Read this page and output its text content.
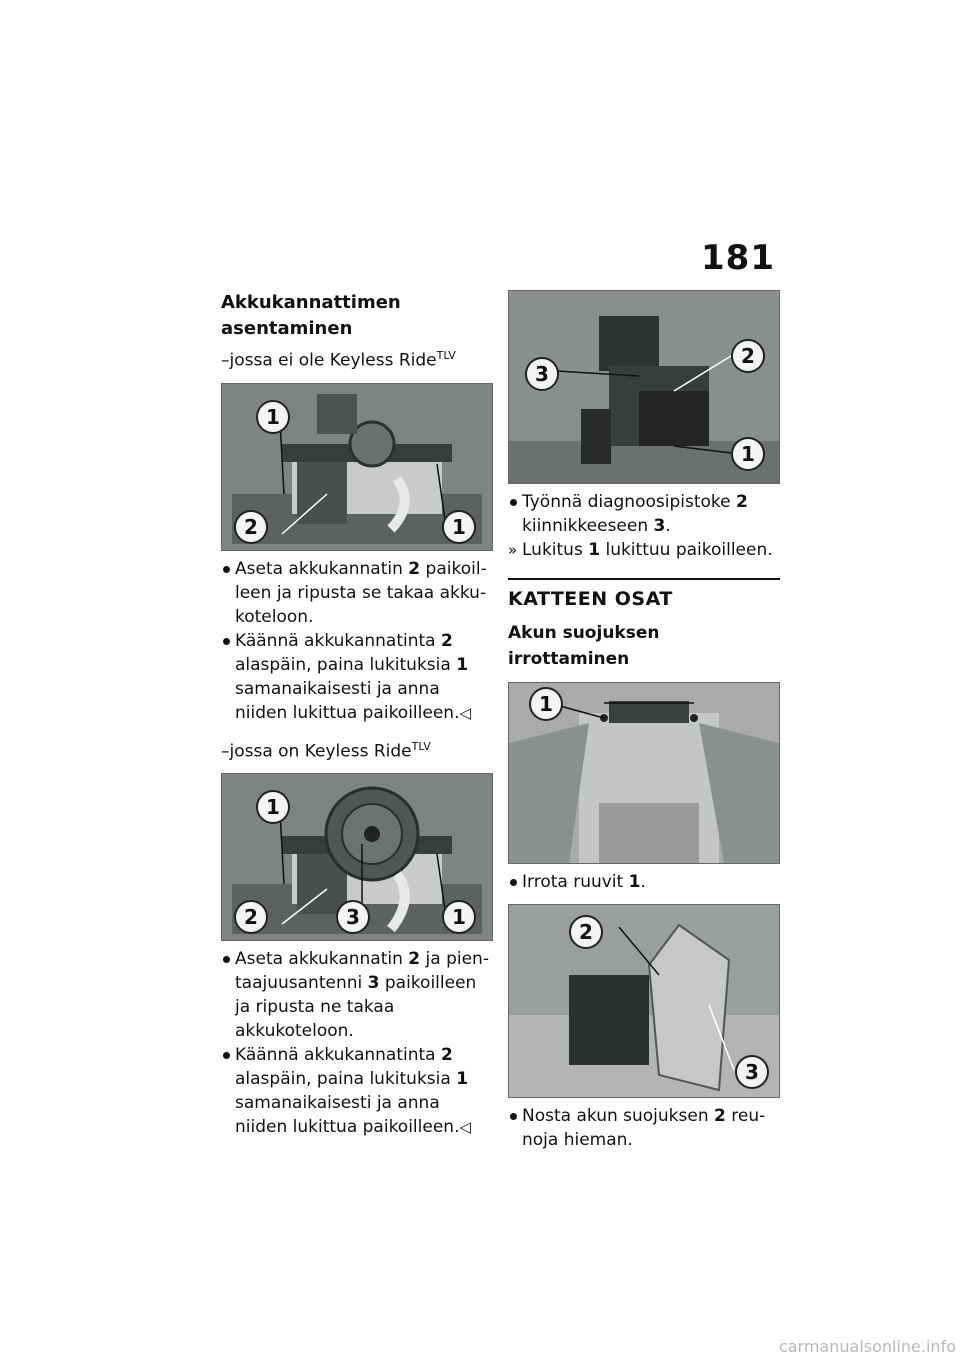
181
Akkukannattimen asentaminen
–jossa ei ole Keyless Ride$^{TLV}$
1
2	1
Aseta akkukannatin 2 paikoilleen ja ripusta se takaa akkukoteloon.
Käännä akkukannatinta 2 alaspäin, paina lukituksia 1 samanaikaisesti ja anna niiden lukittua paikoilleen.◁
–jossa on Keyless Ride$^{TLV}$
1
2	3	1
Aseta akkukannatin 2 ja pientaajuusantenni 3 paikoilleen ja ripusta ne takaa akkukoteloon.
Käännä akkukannatinta 2 alaspäin, paina lukituksia 1 samanaikaisesti ja anna niiden lukittua paikoilleen.◁
3
2
1
Työnnä diagnoosipistoke 2 kiinnikkeeseen 3.
» Lukitus 1 lukittuu paikoilleen.
KATTEEN OSAT
Akun suojuksen irrottaminen
1
Irrota ruuvit 1.
2
3
Nosta akun suojuksen 2 reunoja hieman.
carmanualsonline.info
